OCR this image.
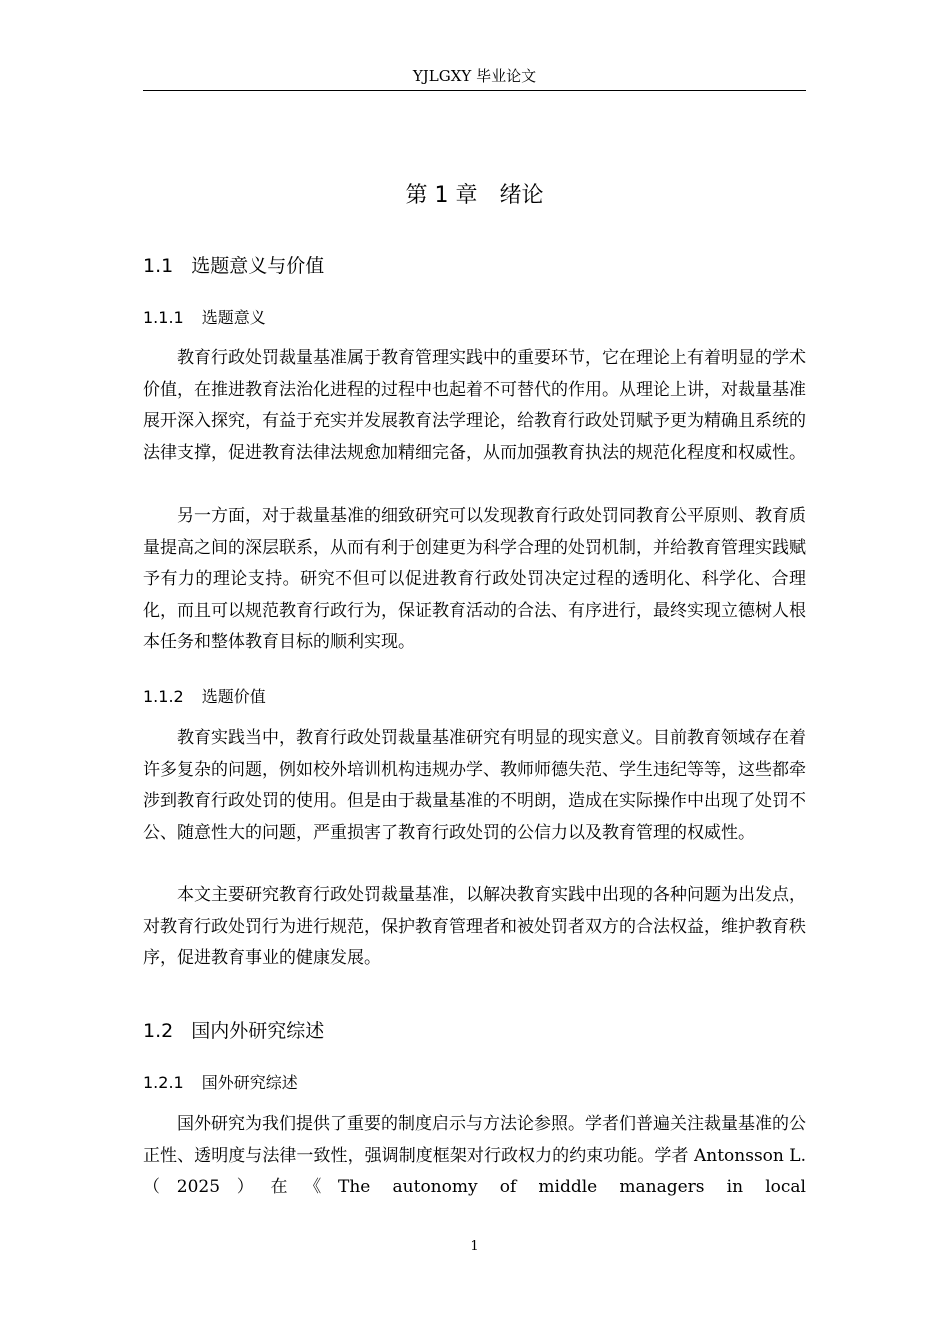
YJLGXY 毕业论文
第 1 章　绪论
1.1 选题意义与价值
1.1.1 选题意义

教育行政处罚裁量基准属于教育管理实践中的重要环节，它在理论上有着明显的学术价值，在推进教育法治化进程的过程中也起着不可替代的作用。从理论上讲，对裁量基准展开深入探究，有益于充实并发展教育法学理论，给教育行政处罚赋予更为精确且系统的法律支撑，促进教育法律法规愈加精细完备，从而加强教育执法的规范化程度和权威性。

另一方面，对于裁量基准的细致研究可以发现教育行政处罚同教育公平原则、教育质量提高之间的深层联系，从而有利于创建更为科学合理的处罚机制，并给教育管理实践赋予有力的理论支持。研究不但可以促进教育行政处罚决定过程的透明化、科学化、合理化，而且可以规范教育行政行为，保证教育活动的合法、有序进行，最终实现立德树人根本任务和整体教育目标的顺利实现。

1.1.2 选题价值

教育实践当中，教育行政处罚裁量基准研究有明显的现实意义。目前教育领域存在着许多复杂的问题，例如校外培训机构违规办学、教师师德失范、学生违纪等等，这些都牵涉到教育行政处罚的使用。但是由于裁量基准的不明朗，造成在实际操作中出现了处罚不公、随意性大的问题，严重损害了教育行政处罚的公信力以及教育管理的权威性。

本文主要研究教育行政处罚裁量基准，以解决教育实践中出现的各种问题为出发点，对教育行政处罚行为进行规范，保护教育管理者和被处罚者双方的合法权益，维护教育秩序，促进教育事业的健康发展。

1.2 国内外研究综述
1.2.1 国外研究综述

国外研究为我们提供了重要的制度启示与方法论参照。学者们普遍关注裁量基准的公正性、透明度与法律一致性，强调制度框架对行政权力的约束功能。学者 Antonsson L.（2025）在《The autonomy of middle managers in local

1
